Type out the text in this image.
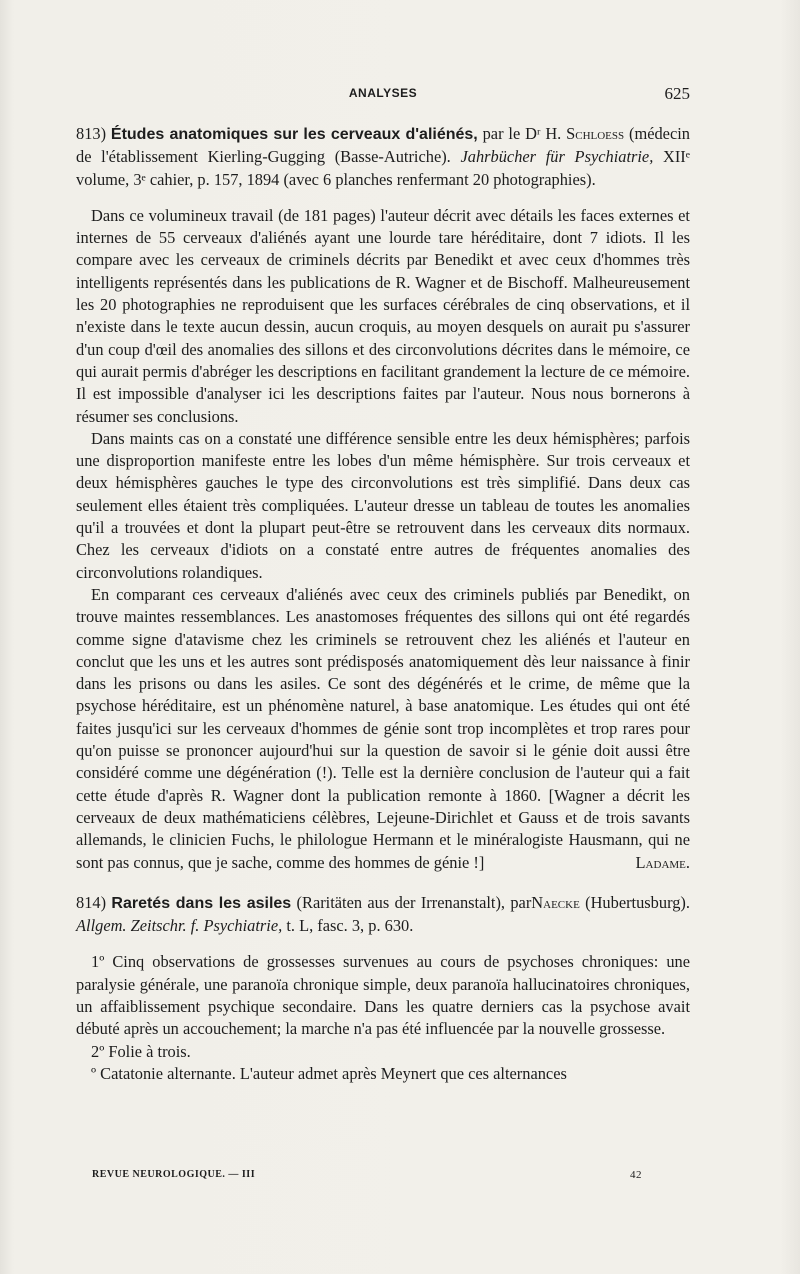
ANALYSES	625

813) Études anatomiques sur les cerveaux d'aliénés, par le Dʳ H. Schloess (médecin de l'établissement Kierling-Gugging (Basse-Autriche). Jahrbücher für Psychiatrie, XIIᵉ volume, 3ᵉ cahier, p. 157, 1894 (avec 6 planches renfermant 20 photographies).

Dans ce volumineux travail (de 181 pages) l'auteur décrit avec détails les faces externes et internes de 55 cerveaux d'aliénés ayant une lourde tare héréditaire, dont 7 idiots. Il les compare avec les cerveaux de criminels décrits par Benedikt et avec ceux d'hommes très intelligents représentés dans les publications de R. Wagner et de Bischoff. Malheureusement les 20 photographies ne reproduisent que les surfaces cérébrales de cinq observations, et il n'existe dans le texte aucun dessin, aucun croquis, au moyen desquels on aurait pu s'assurer d'un coup d'œil des anomalies des sillons et des circonvolutions décrites dans le mémoire, ce qui aurait permis d'abréger les descriptions en facilitant grandement la lecture de ce mémoire. Il est impossible d'analyser ici les descriptions faites par l'auteur. Nous nous bornerons à résumer ses conclusions.

Dans maints cas on a constaté une différence sensible entre les deux hémisphères; parfois une disproportion manifeste entre les lobes d'un même hémisphère. Sur trois cerveaux et deux hémisphères gauches le type des circonvolutions est très simplifié. Dans deux cas seulement elles étaient très compliquées. L'auteur dresse un tableau de toutes les anomalies qu'il a trouvées et dont la plupart peut-être se retrouvent dans les cerveaux dits normaux. Chez les cerveaux d'idiots on a constaté entre autres de fréquentes anomalies des circonvolutions rolandiques.

En comparant ces cerveaux d'aliénés avec ceux des criminels publiés par Benedikt, on trouve maintes ressemblances. Les anastomoses fréquentes des sillons qui ont été regardés comme signe d'atavisme chez les criminels se retrouvent chez les aliénés et l'auteur en conclut que les uns et les autres sont prédisposés anatomiquement dès leur naissance à finir dans les prisons ou dans les asiles. Ce sont des dégénérés et le crime, de même que la psychose héréditaire, est un phénomène naturel, à base anatomique. Les études qui ont été faites jusqu'ici sur les cerveaux d'hommes de génie sont trop incomplètes et trop rares pour qu'on puisse se prononcer aujourd'hui sur la question de savoir si le génie doit aussi être considéré comme une dégénération (!). Telle est la dernière conclusion de l'auteur qui a fait cette étude d'après R. Wagner dont la publication remonte à 1860. [Wagner a décrit les cerveaux de deux mathématiciens célèbres, Lejeune-Dirichlet et Gauss et de trois savants allemands, le clinicien Fuchs, le philologue Hermann et le minéralogiste Hausmann, qui ne sont pas connus, que je sache, comme des hommes de génie !]	Ladame.

814) Raretés dans les asiles (Raritäten aus der Irrenanstalt), parNaecke (Hubertusburg). Allgem. Zeitschr. f. Psychiatrie, t. L, fasc. 3, p. 630.

1º Cinq observations de grossesses survenues au cours de psychoses chroniques: une paralysie générale, une paranoïa chronique simple, deux paranoïa hallucinatoires chroniques, un affaiblissement psychique secondaire. Dans les quatre derniers cas la psychose avait débuté après un accouchement; la marche n'a pas été influencée par la nouvelle grossesse.

2º Folie à trois.

º Catatonie alternante. L'auteur admet après Meynert que ces alternances

REVUE NEUROLOGIQUE. — III	42
